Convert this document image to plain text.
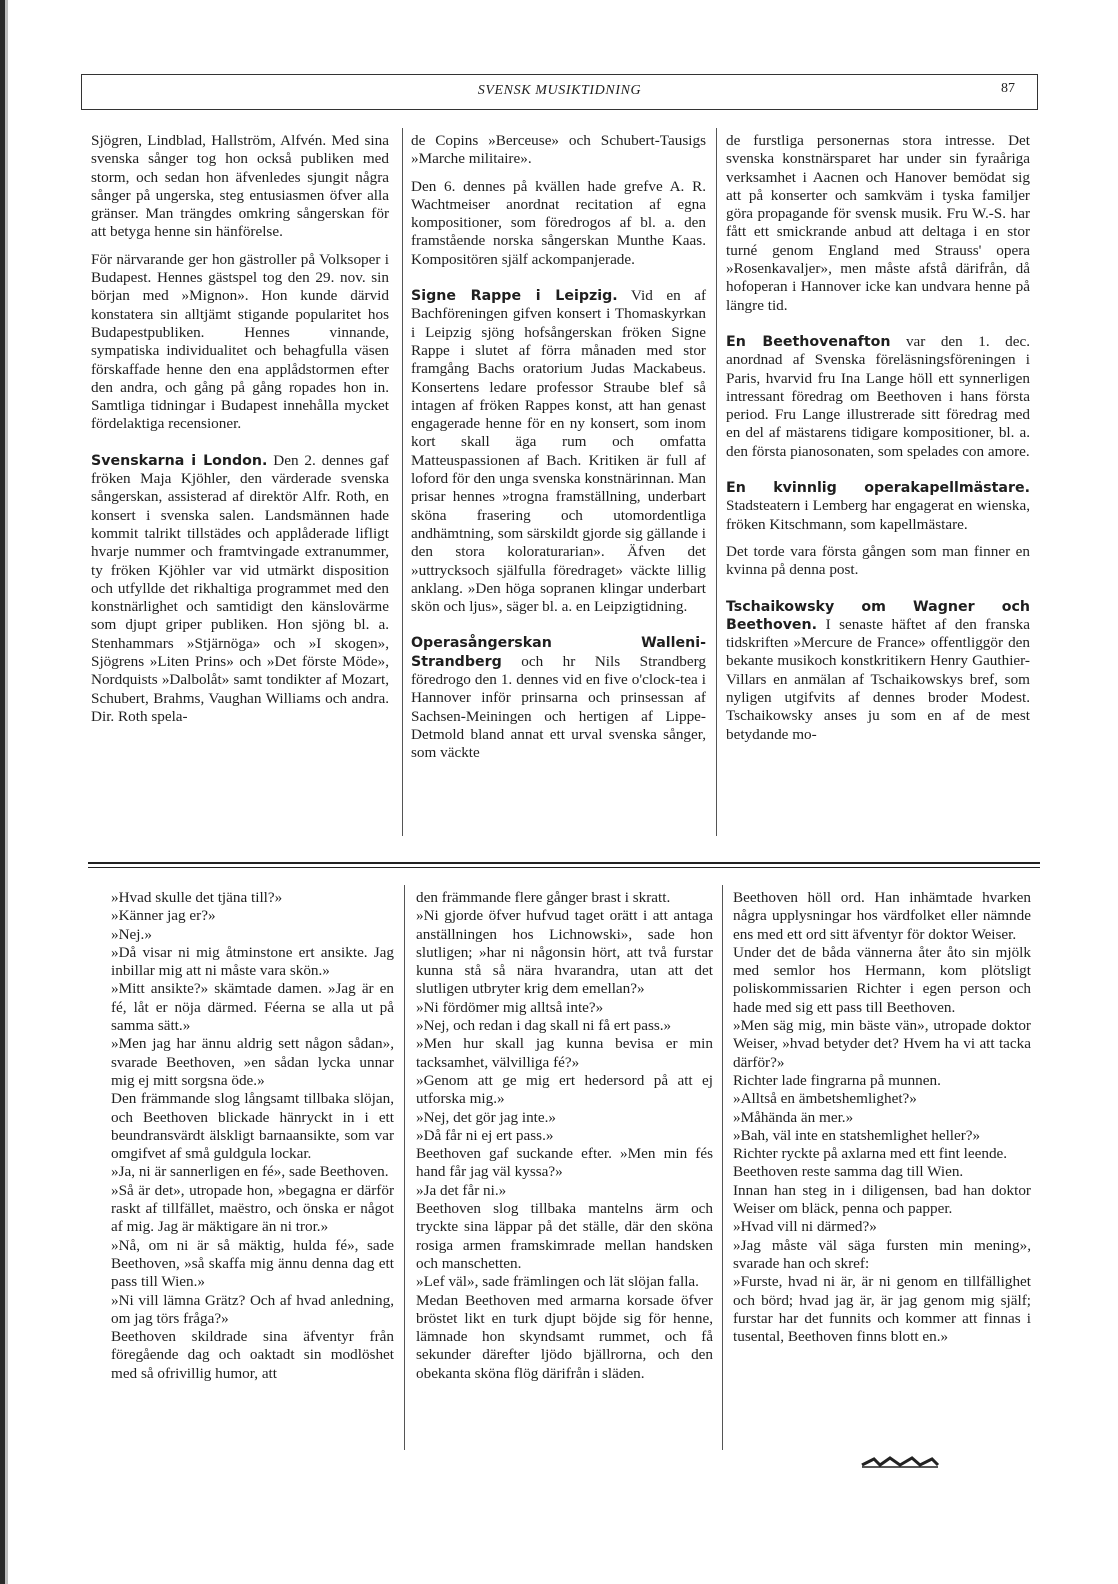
SVENSK MUSIKTIDNING	87

Sjögren, Lindblad, Hallström, Alfvén. Med sina svenska sånger tog hon också publiken med storm, och sedan hon äfvenledes sjungit några sånger på ungerska, steg entusiasmen öfver alla gränser. Man trängdes omkring sångerskan för att betyga henne sin hänförelse.

För närvarande ger hon gästroller på Volksoper i Budapest. Hennes gästspel tog den 29. nov. sin början med »Mignon». Hon kunde därvid konstatera sin alltjämt stigande popularitet hos Budapestpubliken. Hennes vinnande, sympatiska individualitet och behagfulla väsen förskaffade henne den ena applådstormen efter den andra, och gång på gång ropades hon in. Samtliga tidningar i Budapest innehålla mycket fördelaktiga recensioner.

Svenskarna i London. Den 2. dennes gaf fröken Maja Kjöhler, den värderade svenska sångerskan, assisterad af direktör Alfr. Roth, en konsert i svenska salen. Landsmännen hade kommit talrikt tillstädes och applåderade lifligt hvarje nummer och framtvingade extranummer, ty fröken Kjöhler var vid utmärkt disposition och utfyllde det rikhaltiga programmet med den konstnärlighet och samtidigt den känslovärme som djupt griper publiken. Hon sjöng bl. a. Stenhammars »Stjärnöga» och »I skogen», Sjögrens »Liten Prins» och »Det förste Möde», Nordquists »Dalbolåt» samt tondikter af Mozart, Schubert, Brahms, Vaughan Williams och andra. Dir. Roth spela-

de Copins »Berceuse» och Schubert-Tausigs »Marche militaire».

Den 6. dennes på kvällen hade grefve A. R. Wachtmeiser anordnat recitation af egna kompositioner, som föredrogos af bl. a. den framstående norska sångerskan Munthe Kaas. Kompositören själf ackompanjerade.

Signe Rappe i Leipzig. Vid en af Bachföreningen gifven konsert i Thomaskyrkan i Leipzig sjöng hofsångerskan fröken Signe Rappe i slutet af förra månaden med stor framgång Bachs oratorium Judas Mackabeus. Konsertens ledare professor Straube blef så intagen af fröken Rappes konst, att han genast engagerade henne för en ny konsert, som inom kort skall äga rum och omfatta Matteuspassionen af Bach. Kritiken är full af loford för den unga svenska konstnärinnan. Man prisar hennes »trogna framställning, underbart sköna frasering och utomordentliga andhämtning, som särskildt gjorde sig gällande i den stora koloraturarian». Äfven det »uttrycksoch själfulla föredraget» väckte lillig anklang. »Den höga sopranen klingar underbart skön och ljus», säger bl. a. en Leipzigtidning.

Operasångerskan Walleni-Strandberg och hr Nils Strandberg föredrogo den 1. dennes vid en five o'clock-tea i Hannover inför prinsarna och prinsessan af Sachsen-Meiningen och hertigen af Lippe-Detmold bland annat ett urval svenska sånger, som väckte

de furstliga personernas stora intresse. Det svenska konstnärsparet har under sin fyraåriga verksamhet i Aacnen och Hanover bemödat sig att på konserter och samkväm i tyska familjer göra propagande för svensk musik. Fru W.-S. har fått ett smickrande anbud att deltaga i en stor turné genom England med Strauss' opera »Rosenkavaljer», men måste afstå därifrån, då hofoperan i Hannover icke kan undvara henne på längre tid.

En Beethovenafton var den 1. dec. anordnad af Svenska föreläsningsföreningen i Paris, hvarvid fru Ina Lange höll ett synnerligen intressant föredrag om Beethoven i hans första period. Fru Lange illustrerade sitt föredrag med en del af mästarens tidigare kompositioner, bl. a. den första pianosonaten, som spelades con amore.

En kvinnlig operakapellmästare. Stadsteatern i Lemberg har engagerat en wienska, fröken Kitschmann, som kapellmästare.

Det torde vara första gången som man finner en kvinna på denna post.

Tschaikowsky om Wagner och Beethoven. I senaste häftet af den franska tidskriften »Mercure de France» offentliggör den bekante musikoch konstkritikern Henry Gauthier-Villars en anmälan af Tschaikowskys bref, som nyligen utgifvits af dennes broder Modest. Tschaikowsky anses ju som en af de mest betydande mo-

»Hvad skulle det tjäna till?»

»Känner jag er?»

»Nej.»

»Då visar ni mig åtminstone ert ansikte. Jag inbillar mig att ni måste vara skön.»

»Mitt ansikte?» skämtade damen. »Jag är en fé, låt er nöja därmed. Féerna se alla ut på samma sätt.»

»Men jag har ännu aldrig sett någon sådan», svarade Beethoven, »en sådan lycka unnar mig ej mitt sorgsna öde.»

Den främmande slog långsamt tillbaka slöjan, och Beethoven blickade hänryckt in i ett beundransvärdt älskligt barnaansikte, som var omgifvet af små guldgula lockar.

»Ja, ni är sannerligen en fé», sade Beethoven.

»Så är det», utropade hon, »begagna er därför raskt af tillfället, maëstro, och önska er något af mig. Jag är mäktigare än ni tror.»

»Nå, om ni är så mäktig, hulda fé», sade Beethoven, »så skaffa mig ännu denna dag ett pass till Wien.»

»Ni vill lämna Grätz? Och af hvad anledning, om jag törs fråga?»

Beethoven skildrade sina äfventyr från föregående dag och oaktadt sin modlöshet med så ofrivillig humor, att

den främmande flere gånger brast i skratt.

»Ni gjorde öfver hufvud taget orätt i att antaga anställningen hos Lichnowski», sade hon slutligen; »har ni någonsin hört, att två furstar kunna stå så nära hvarandra, utan att det slutligen utbryter krig dem emellan?»

»Ni fördömer mig alltså inte?»

»Nej, och redan i dag skall ni få ert pass.»

»Men hur skall jag kunna bevisa er min tacksamhet, välvilliga fé?»

»Genom att ge mig ert hedersord på att ej utforska mig.»

»Nej, det gör jag inte.»

»Då får ni ej ert pass.»

Beethoven gaf suckande efter. »Men min fés hand får jag väl kyssa?»

»Ja det får ni.»

Beethoven slog tillbaka mantelns ärm och tryckte sina läppar på det ställe, där den sköna rosiga armen framskimrade mellan handsken och manschetten.

»Lef väl», sade främlingen och lät slöjan falla.

Medan Beethoven med armarna korsade öfver bröstet likt en turk djupt böjde sig för henne, lämnade hon skyndsamt rummet, och få sekunder därefter ljödo bjällrorna, och den obekanta sköna flög därifrån i släden.

Beethoven höll ord. Han inhämtade hvarken några upplysningar hos värdfolket eller nämnde ens med ett ord sitt äfventyr för doktor Weiser.

Under det de båda vännerna åter åto sin mjölk med semlor hos Hermann, kom plötsligt poliskommissarien Richter i egen person och hade med sig ett pass till Beethoven.

»Men säg mig, min bäste vän», utropade doktor Weiser, »hvad betyder det? Hvem ha vi att tacka därför?»

Richter lade fingrarna på munnen.

»Alltså en ämbetshemlighet?»

»Måhända än mer.»

»Bah, väl inte en statshemlighet heller?»

Richter ryckte på axlarna med ett fint leende.

Beethoven reste samma dag till Wien.

Innan han steg in i diligensen, bad han doktor Weiser om bläck, penna och papper.

»Hvad vill ni därmed?»

»Jag måste väl säga fursten min mening», svarade han och skref:

»Furste, hvad ni är, är ni genom en tillfällighet och börd; hvad jag är, är jag genom mig själf; furstar har det funnits och kommer att finnas i tusental, Beethoven finns blott en.»
